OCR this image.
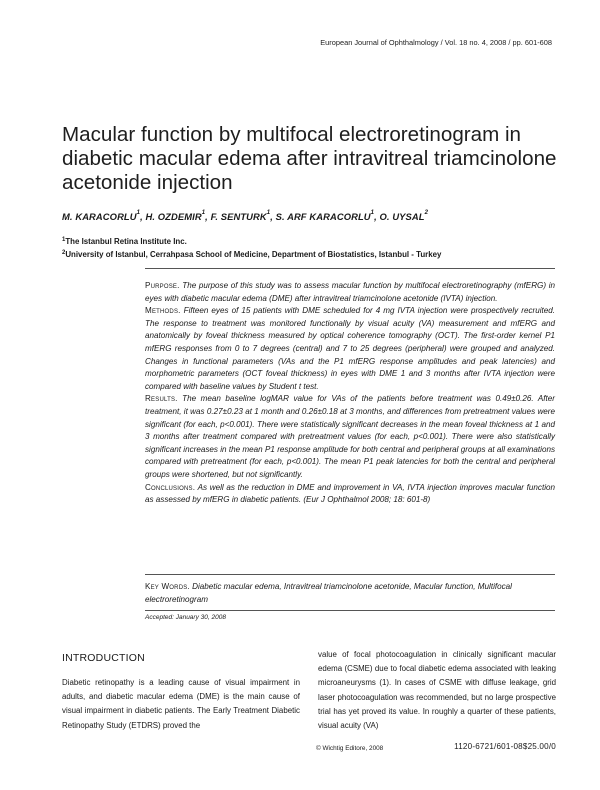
European Journal of Ophthalmology / Vol. 18 no. 4, 2008 / pp. 601-608
Macular function by multifocal electroretinogram in diabetic macular edema after intravitreal triamcinolone acetonide injection
M. KARACORLU$^1$, H. OZDEMIR$^1$, F. SENTURK$^1$, S. ARF KARACORLU$^1$, O. UYSAL$^2$
$^1$The Istanbul Retina Institute Inc.
$^2$University of Istanbul, Cerrahpasa School of Medicine, Department of Biostatistics, Istanbul - Turkey

Purpose. The purpose of this study was to assess macular function by multifocal electroretinography (mfERG) in eyes with diabetic macular edema (DME) after intravitreal triamcinolone acetonide (IVTA) injection.

Methods. Fifteen eyes of 15 patients with DME scheduled for 4 mg IVTA injection were prospectively recruited. The response to treatment was monitored functionally by visual acuity (VA) measurement and mfERG and anatomically by foveal thickness measured by optical coherence tomography (OCT). The first-order kernel P1 mfERG responses from 0 to 7 degrees (central) and 7 to 25 degrees (peripheral) were grouped and analyzed. Changes in functional parameters (VAs and the P1 mfERG response amplitudes and peak latencies) and morphometric parameters (OCT foveal thickness) in eyes with DME 1 and 3 months after IVTA injection were compared with baseline values by Student t test.

Results. The mean baseline logMAR value for VAs of the patients before treatment was 0.49±0.26. After treatment, it was 0.27±0.23 at 1 month and 0.26±0.18 at 3 months, and differences from pretreatment values were significant (for each, p<0.001). There were statistically significant decreases in the mean foveal thickness at 1 and 3 months after treatment compared with pretreatment values (for each, p<0.001). There were also statistically significant increases in the mean P1 response amplitude for both central and peripheral groups at all examinations compared with pretreatment (for each, p<0.001). The mean P1 peak latencies for both the central and peripheral groups were shortened, but not significantly.

Conclusions. As well as the reduction in DME and improvement in VA, IVTA injection improves macular function as assessed by mfERG in diabetic patients. (Eur J Ophthalmol 2008; 18: 601-8)

Key Words. Diabetic macular edema, Intravitreal triamcinolone acetonide, Macular function, Multifocal electroretinogram

Accepted: January 30, 2008
INTRODUCTION

Diabetic retinopathy is a leading cause of visual impairment in adults, and diabetic macular edema (DME) is the main cause of visual impairment in diabetic patients. The Early Treatment Diabetic Retinopathy Study (ETDRS) proved the

value of focal photocoagulation in clinically significant macular edema (CSME) due to focal diabetic edema associated with leaking microaneurysms (1). In cases of CSME with diffuse leakage, grid laser photocoagulation was recommended, but no large prospective trial has yet proved its value. In roughly a quarter of these patients, visual acuity (VA)

© Wichtig Editore, 2008	1120-6721/601-08$25.00/0
